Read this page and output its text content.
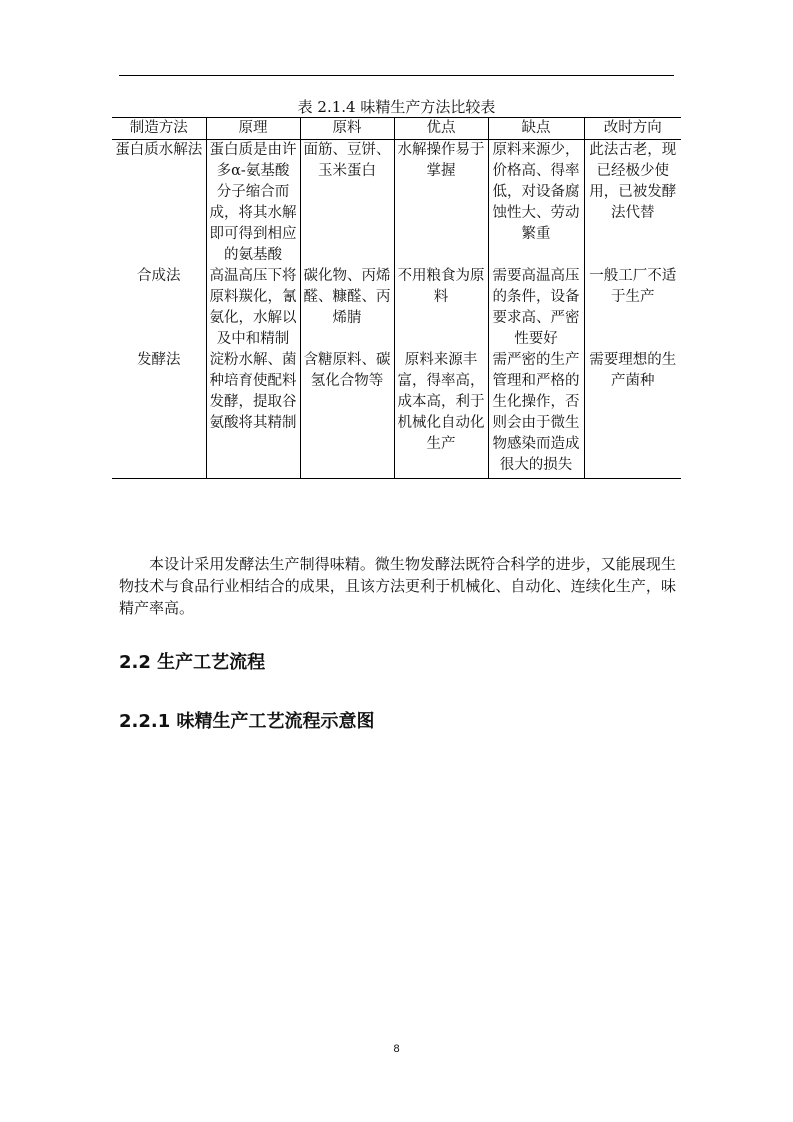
表 2.1.4 味精生产方法比较表
制造方法	原理	原料	优点	缺点	改时方向
蛋白质水解法	蛋白质是由许多α-氨基酸分子缩合而成，将其水解即可得到相应的氨基酸	面筋、豆饼、玉米蛋白	水解操作易于掌握	原料来源少，价格高、得率低，对设备腐蚀性大、劳动繁重	此法古老，现已经极少使用，已被发酵法代替
合成法	高温高压下将原料羰化，氰氨化，水解以及中和精制	碳化物、丙烯醛、糠醛、丙烯腈	不用粮食为原料	需要高温高压的条件，设备要求高、严密性要好	一般工厂不适于生产
发酵法	淀粉水解、菌种培育使配料发酵，提取谷氨酸将其精制	含糖原料、碳氢化合物等	原料来源丰富，得率高，成本高，利于机械化自动化生产	需严密的生产管理和严格的生化操作，否则会由于微生物感染而造成很大的损失	需要理想的生产菌种
本设计采用发酵法生产制得味精。微生物发酵法既符合科学的进步，又能展现生物技术与食品行业相结合的成果，且该方法更利于机械化、自动化、连续化生产，味精产率高。
2.2 生产工艺流程
2.2.1 味精生产工艺流程示意图
8
